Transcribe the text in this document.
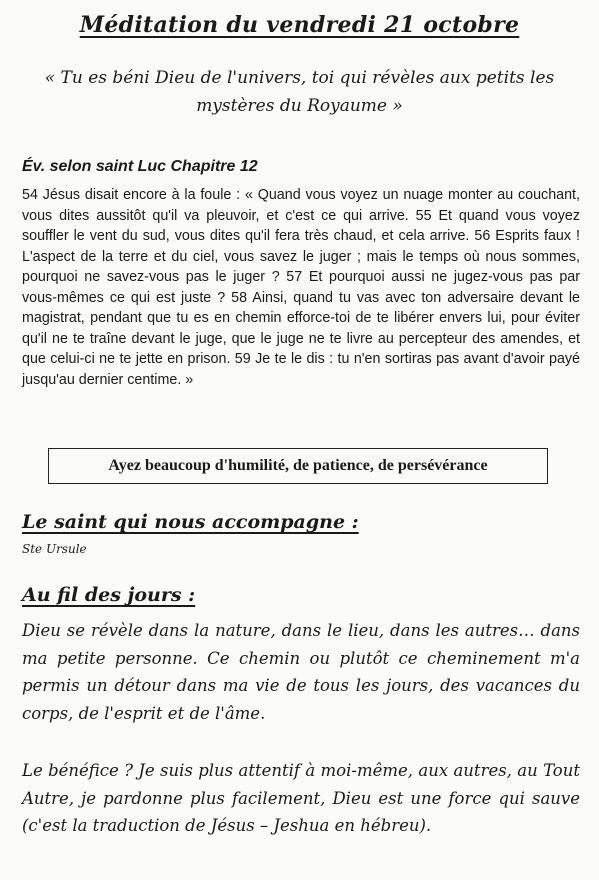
Méditation du vendredi 21 octobre
« Tu es béni Dieu de l'univers, toi qui révèles aux petits les mystères du Royaume »
Év. selon saint Luc Chapitre 12
54 Jésus disait encore à la foule : « Quand vous voyez un nuage monter au couchant, vous dites aussitôt qu'il va pleuvoir, et c'est ce qui arrive. 55 Et quand vous voyez souffler le vent du sud, vous dites qu'il fera très chaud, et cela arrive. 56 Esprits faux ! L'aspect de la terre et du ciel, vous savez le juger ; mais le temps où nous sommes, pourquoi ne savez-vous pas le juger ? 57 Et pourquoi aussi ne jugez-vous pas par vous-mêmes ce qui est juste ? 58 Ainsi, quand tu vas avec ton adversaire devant le magistrat, pendant que tu es en chemin efforce-toi de te libérer envers lui, pour éviter qu'il ne te traîne devant le juge, que le juge ne te livre au percepteur des amendes, et que celui-ci ne te jette en prison. 59 Je te le dis : tu n'en sortiras pas avant d'avoir payé jusqu'au dernier centime. »
Ayez beaucoup d'humilité, de patience, de persévérance
Le saint qui nous accompagne :
Ste Ursule
Au fil des jours :
Dieu se révèle dans la nature, dans le lieu, dans les autres… dans ma petite personne. Ce chemin ou plutôt ce cheminement m'a permis un détour dans ma vie de tous les jours, des vacances du corps, de l'esprit et de l'âme.
Le bénéfice ? Je suis plus attentif à moi-même, aux autres, au Tout Autre, je pardonne plus facilement, Dieu est une force qui sauve (c'est la traduction de Jésus – Jeshua en hébreu).
